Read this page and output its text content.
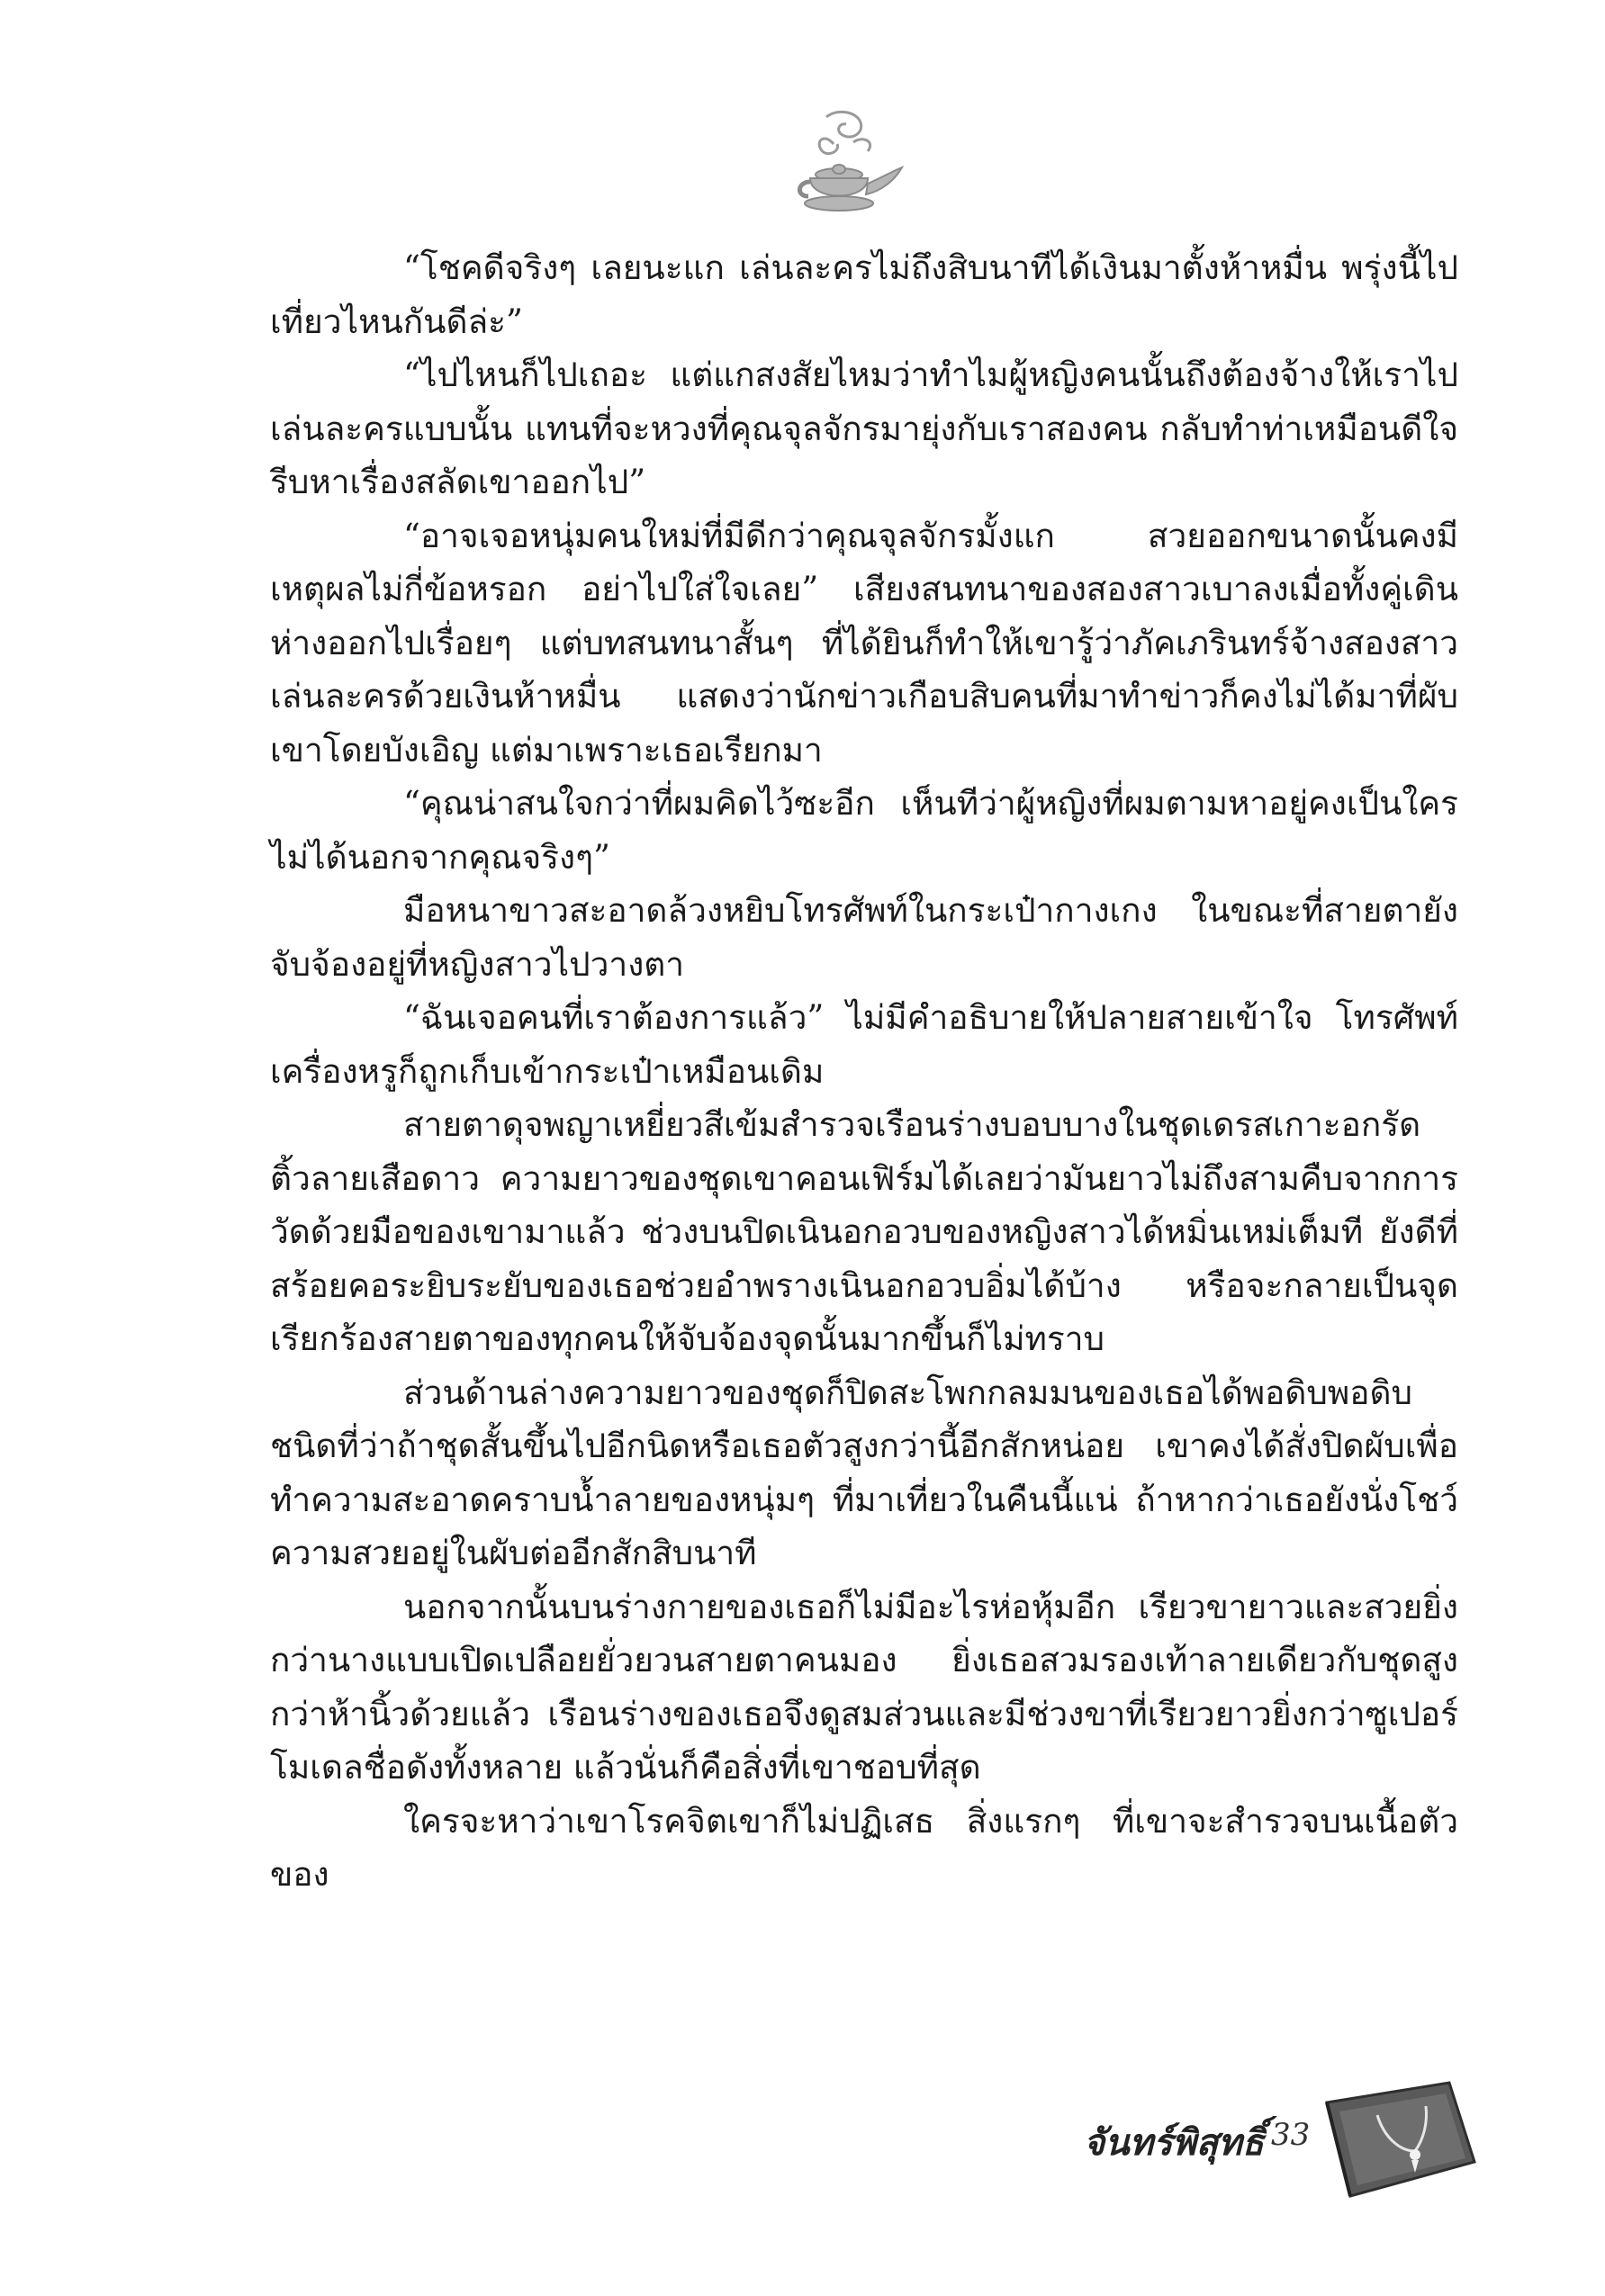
“โชคดีจริงๆ เลยนะแก เล่นละครไม่ถึงสิบนาทีได้เงินมาตั้งห้าหมื่น พรุ่งนี้ไปเที่ยวไหนกันดีล่ะ”

“ไปไหนก็ไปเถอะ แต่แกสงสัยไหมว่าทำไมผู้หญิงคนนั้นถึงต้องจ้างให้เราไปเล่นละครแบบนั้น แทนที่จะหวงที่คุณจุลจักรมายุ่งกับเราสองคน กลับทำท่าเหมือนดีใจรีบหาเรื่องสลัดเขาออกไป”

“อาจเจอหนุ่มคนใหม่ที่มีดีกว่าคุณจุลจักรมั้งแก สวยออกขนาดนั้นคงมีเหตุผลไม่กี่ข้อหรอก อย่าไปใส่ใจเลย” เสียงสนทนาของสองสาวเบาลงเมื่อทั้งคู่เดินห่างออกไปเรื่อยๆ แต่บทสนทนาสั้นๆ ที่ได้ยินก็ทำให้เขารู้ว่าภัคเภรินทร์จ้างสองสาวเล่นละครด้วยเงินห้าหมื่น แสดงว่านักข่าวเกือบสิบคนที่มาทำข่าวก็คงไม่ได้มาที่ผับเขาโดยบังเอิญ แต่มาเพราะเธอเรียกมา

“คุณน่าสนใจกว่าที่ผมคิดไว้ซะอีก เห็นทีว่าผู้หญิงที่ผมตามหาอยู่คงเป็นใครไม่ได้นอกจากคุณจริงๆ”

มือหนาขาวสะอาดล้วงหยิบโทรศัพท์ในกระเป๋ากางเกง ในขณะที่สายตายังจับจ้องอยู่ที่หญิงสาวไปวางตา

“ฉันเจอคนที่เราต้องการแล้ว” ไม่มีคำอธิบายให้ปลายสายเข้าใจ โทรศัพท์เครื่องหรูก็ถูกเก็บเข้ากระเป๋าเหมือนเดิม

สายตาดุจพญาเหยี่ยวสีเข้มสำรวจเรือนร่างบอบบางในชุดเดรสเกาะอกรัดติ้วลายเสือดาว ความยาวของชุดเขาคอนเฟิร์มได้เลยว่ามันยาวไม่ถึงสามคืบจากการวัดด้วยมือของเขามาแล้ว ช่วงบนปิดเนินอกอวบของหญิงสาวได้หมิ่นเหม่เต็มที ยังดีที่สร้อยคอระยิบระยับของเธอช่วยอำพรางเนินอกอวบอิ่มได้บ้าง หรือจะกลายเป็นจุดเรียกร้องสายตาของทุกคนให้จับจ้องจุดนั้นมากขึ้นก็ไม่ทราบ

ส่วนด้านล่างความยาวของชุดก็ปิดสะโพกกลมมนของเธอได้พอดิบพอดิบ ชนิดที่ว่าถ้าชุดสั้นขึ้นไปอีกนิดหรือเธอตัวสูงกว่านี้อีกสักหน่อย เขาคงได้สั่งปิดผับเพื่อทำความสะอาดคราบน้ำลายของหนุ่มๆ ที่มาเที่ยวในคืนนี้แน่ ถ้าหากว่าเธอยังนั่งโชว์ความสวยอยู่ในผับต่ออีกสักสิบนาที

นอกจากนั้นบนร่างกายของเธอก็ไม่มีอะไรห่อหุ้มอีก เรียวขายาวและสวยยิ่งกว่านางแบบเปิดเปลือยยั่วยวนสายตาคนมอง ยิ่งเธอสวมรองเท้าลายเดียวกับชุดสูงกว่าห้านิ้วด้วยแล้ว เรือนร่างของเธอจึงดูสมส่วนและมีช่วงขาที่เรียวยาวยิ่งกว่าซูเปอร์โมเดลชื่อดังทั้งหลาย แล้วนั่นก็คือสิ่งที่เขาชอบที่สุด

ใครจะหาว่าเขาโรคจิตเขาก็ไม่ปฏิเสธ สิ่งแรกๆ ที่เขาจะสำรวจบนเนื้อตัวของ

จันทร์พิสุทธิ์ 33
